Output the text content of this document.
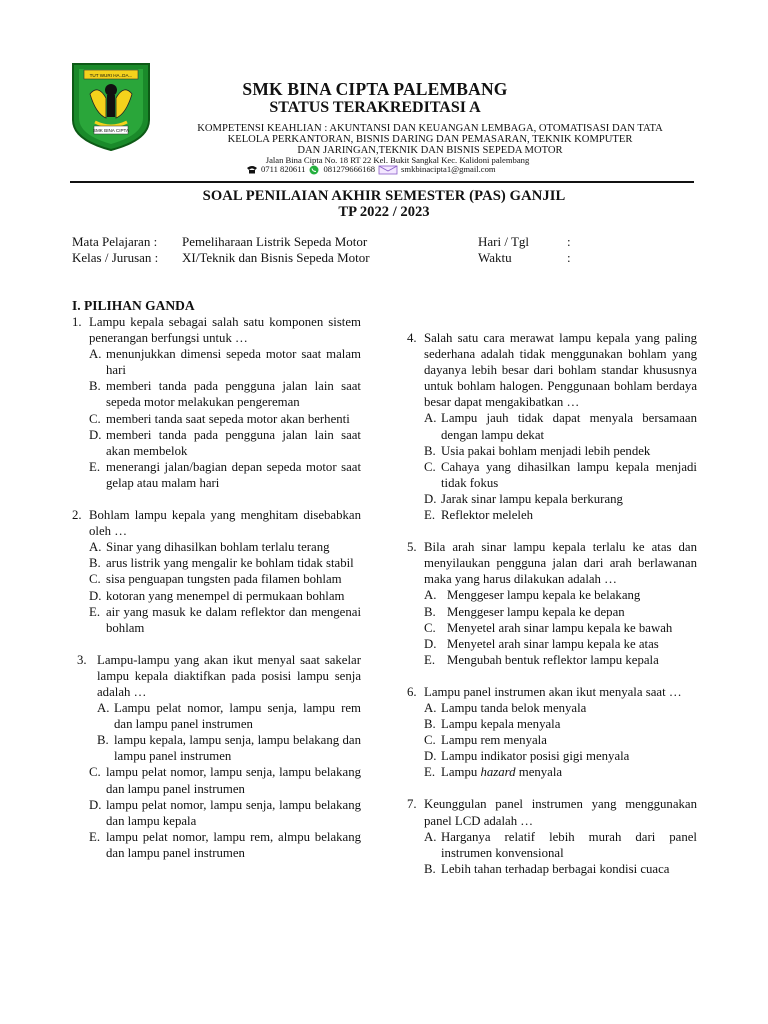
TUT WURI HA..DA...
SMK BINA CIPTA
SMK BINA CIPTA PALEMBANG
STATUS TERAKREDITASI A
KOMPETENSI KEAHLIAN : AKUNTANSI DAN KEUANGAN LEMBAGA, OTOMATISASI DAN TATA
KELOLA PERKANTORAN, BISNIS DARING DAN PEMASARAN, TEKNIK KOMPUTER
DAN JARINGAN,TEKNIK DAN BISNIS SEPEDA MOTOR
Jalan Bina Cipta No. 18 RT 22 Kel. Bukit Sangkal Kec. Kalidoni palembang
0711 820611 081279666168	smkbinacipta1@gmail.com
SOAL PENILAIAN AKHIR SEMESTER (PAS) GANJIL
TP 2022 / 2023
Mata Pelajaran : Pemeliharaan Listrik Sepeda Motor
Kelas / Jurusan : XI/Teknik dan Bisnis Sepeda Motor
Hari / Tgl	:
Waktu	:
I. PILIHAN GANDA
1. Lampu kepala sebagai salah satu komponen sistem penerangan berfungsi untuk …
A. menunjukkan dimensi sepeda motor saat malam hari
B. memberi tanda pada pengguna jalan lain saat sepeda motor melakukan pengereman
C. memberi tanda saat sepeda motor akan berhenti
D. memberi tanda pada pengguna jalan lain saat akan membelok
E. menerangi jalan/bagian depan sepeda motor saat gelap atau malam hari
2. Bohlam lampu kepala yang menghitam disebabkan oleh …
A. Sinar yang dihasilkan bohlam terlalu terang
B. arus listrik yang mengalir ke bohlam tidak stabil
C. sisa penguapan tungsten pada filamen bohlam
D. kotoran yang menempel di permukaan bohlam
E. air yang masuk ke dalam reflektor dan mengenai bohlam
3. Lampu-lampu yang akan ikut menyal saat sakelar lampu kepala diaktifkan pada posisi lampu senja adalah …
A. Lampu pelat nomor, lampu senja, lampu rem dan lampu panel instrumen
B. lampu kepala, lampu senja, lampu belakang dan lampu panel instrumen
C. lampu pelat nomor, lampu senja, lampu belakang dan lampu panel instrumen
D. lampu pelat nomor, lampu senja, lampu belakang dan lampu kepala
E. lampu pelat nomor, lampu rem, almpu belakang dan lampu panel instrumen
4. Salah satu cara merawat lampu kepala yang paling sederhana adalah tidak menggunakan bohlam yang dayanya lebih besar dari bohlam standar khususnya untuk bohlam halogen. Penggunaan bohlam berdaya besar dapat mengakibatkan …
A. Lampu jauh tidak dapat menyala bersamaan dengan lampu dekat
B. Usia pakai bohlam menjadi lebih pendek
C. Cahaya yang dihasilkan lampu kepala menjadi tidak fokus
D. Jarak sinar lampu kepala berkurang
E. Reflektor meleleh
5. Bila arah sinar lampu kepala terlalu ke atas dan menyilaukan pengguna jalan dari arah berlawanan maka yang harus dilakukan adalah …
A. Menggeser lampu kepala ke belakang
B. Menggeser lampu kepala ke depan
C. Menyetel arah sinar lampu kepala ke bawah
D. Menyetel arah sinar lampu kepala ke atas
E. Mengubah bentuk reflektor lampu kepala
6. Lampu panel instrumen akan ikut menyala saat …
A. Lampu tanda belok menyala
B. Lampu kepala menyala
C. Lampu rem menyala
D. Lampu indikator posisi gigi menyala
E. Lampu hazard menyala
7. Keunggulan panel instrumen yang menggunakan panel LCD adalah …
A. Harganya relatif lebih murah dari panel instrumen konvensional
B. Lebih tahan terhadap berbagai kondisi cuaca
